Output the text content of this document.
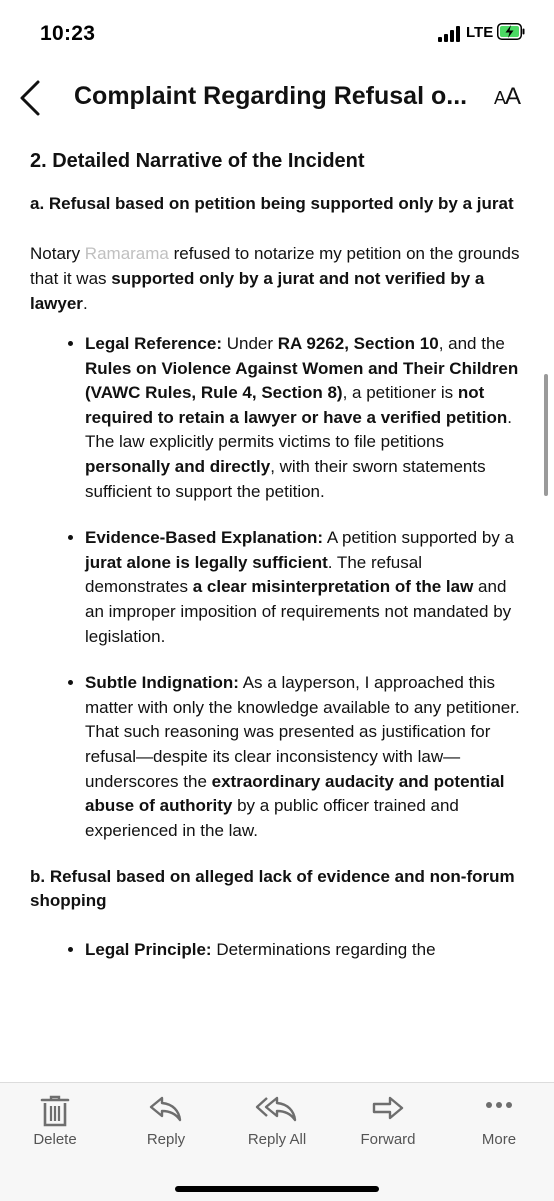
10:23	LTE
Complaint Regarding Refusal o...	AA
2. Detailed Narrative of the Incident
a. Refusal based on petition being supported only by a jurat

Notary Ramarama refused to notarize my petition on the grounds that it was supported only by a jurat and not verified by a lawyer.

• Legal Reference: Under RA 9262, Section 10, and the Rules on Violence Against Women and Their Children (VAWC Rules, Rule 4, Section 8), a petitioner is not required to retain a lawyer or have a verified petition. The law explicitly permits victims to file petitions personally and directly, with their sworn statements sufficient to support the petition.
• Evidence-Based Explanation: A petition supported by a jurat alone is legally sufficient. The refusal demonstrates a clear misinterpretation of the law and an improper imposition of requirements not mandated by legislation.
• Subtle Indignation: As a layperson, I approached this matter with only the knowledge available to any petitioner. That such reasoning was presented as justification for refusal—despite its clear inconsistency with law—underscores the extraordinary audacity and potential abuse of authority by a public officer trained and experienced in the law.
b. Refusal based on alleged lack of evidence and non-forum shopping
• Legal Principle: Determinations regarding the
Delete	Reply	Reply All	Forward	More
